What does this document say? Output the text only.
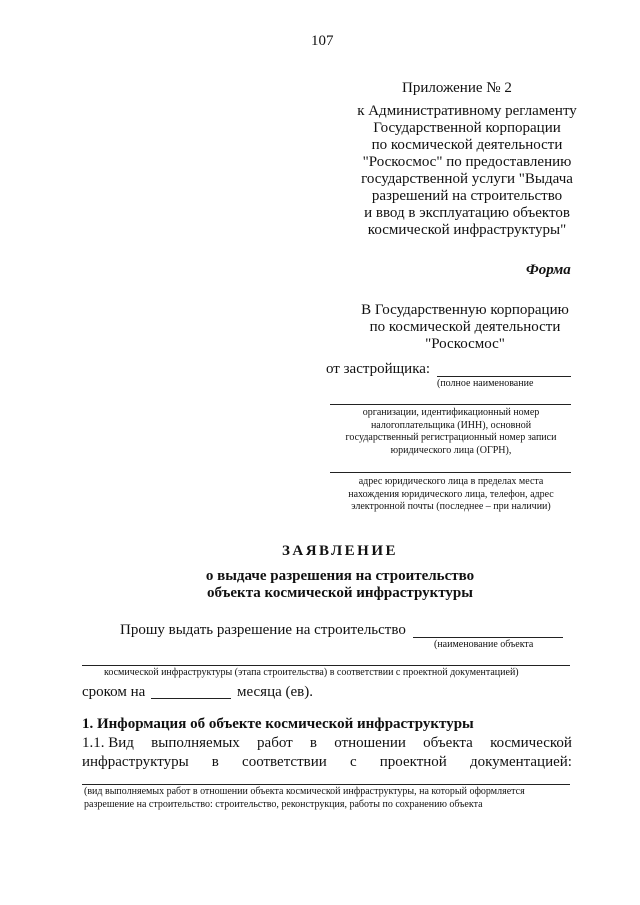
107
Приложение № 2
к Административному регламенту
Государственной корпорации
по космической деятельности
"Роскосмос" по предоставлению
государственной услуги "Выдача
разрешений на строительство
и ввод в эксплуатацию объектов
космической инфраструктуры"
Форма
В Государственную корпорацию
по космической деятельности
"Роскосмос"
от застройщика:
(полное наименование
организации, идентификационный номер
налогоплательщика (ИНН), основной
государственный регистрационный номер записи
юридического лица (ОГРН),
адрес юридического лица в пределах места
нахождения юридического лица, телефон, адрес
электронной почты (последнее – при наличии)
ЗАЯВЛЕНИЕ
о выдаче разрешения на строительство
объекта космической инфраструктуры
Прошу выдать разрешение на строительство
(наименование объекта
космической инфраструктуры (этапа строительства) в соответствии с проектной документацией)
сроком на	месяца (ев).
1. Информация об объекте космической инфраструктуры
1.1. Вид выполняемых работ в отношении объекта космической
инфраструктуры в соответствии с проектной документацией:
(вид выполняемых работ в отношении объекта космической инфраструктуры, на который оформляется
разрешение на строительство: строительство, реконструкция, работы по сохранению объекта
